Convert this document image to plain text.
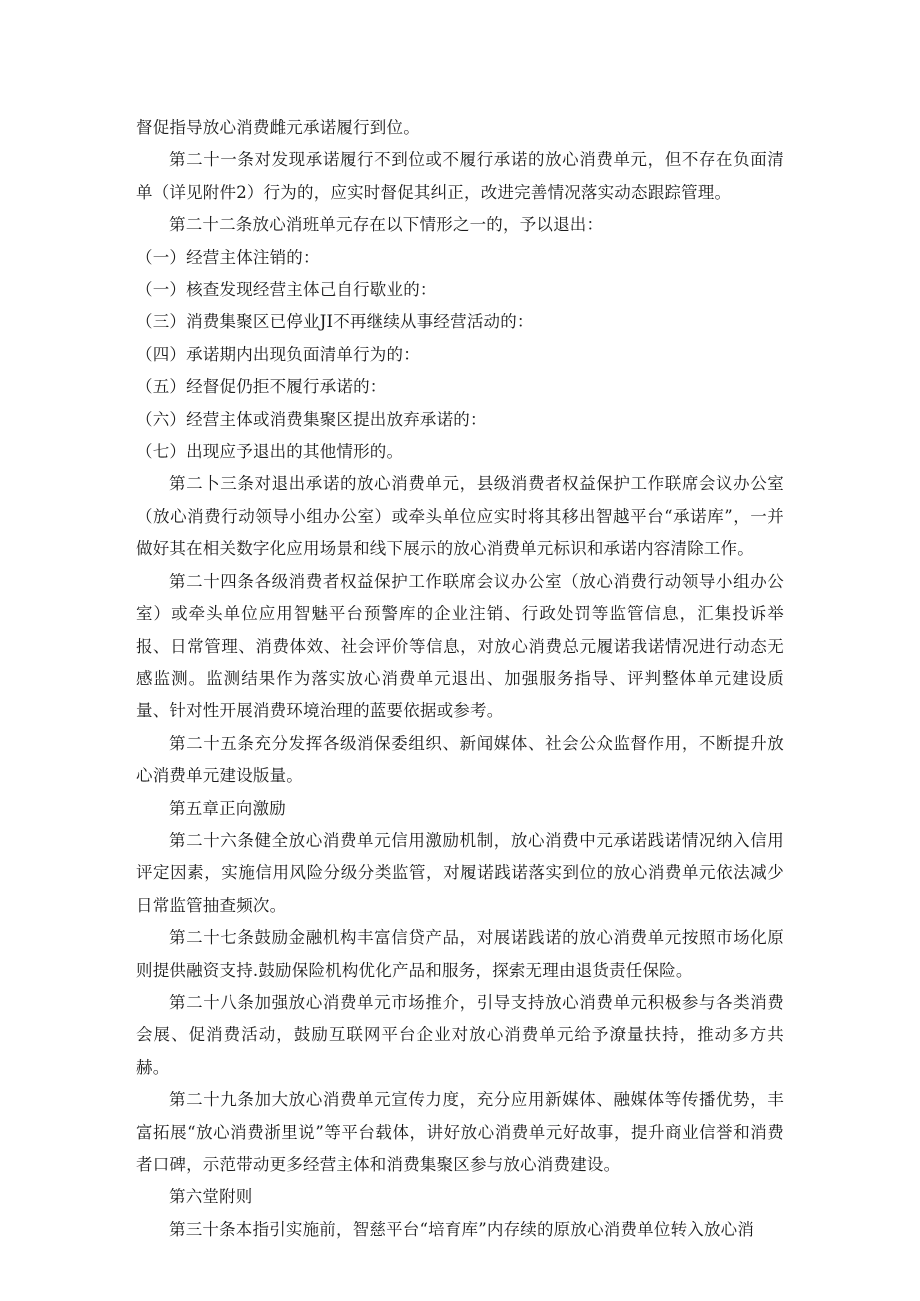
督促指导放心消费雌元承诺履行到位。

第二十一条对发现承诺履行不到位或不履行承诺的放心消费单元，但不存在负面清单（详见附件2）行为的，应实时督促其纠正，改进完善情况落实动态跟踪管理。

第二十二条放心消班单元存在以下情形之一的，予以退出：

（一）经营主体注销的：

（一）核查发现经营主体己自行歇业的：

（三）消费集聚区已停业JI不再继续从事经营活动的：

（四）承诺期内出现负面清单行为的：

（五）经督促仍拒不履行承诺的：

（六）经营主体或消费集聚区提出放弃承诺的：

（七）出现应予退出的其他情形的。

第二卜三条对退出承诺的放心消费单元，县级消费者权益保护工作联席会议办公室（放心消费行动领导小组办公室）或牵头单位应实时将其移出智越平台“承诺库”，一并做好其在相关数字化应用场景和线下展示的放心消费单元标识和承诺内容清除工作。

第二十四条各级消费者权益保护工作联席会议办公室（放心消费行动领导小组办公室）或牵头单位应用智魅平台预警库的企业注销、行政处罚等监管信息，汇集投诉举报、日常管理、消费体效、社会评价等信息，对放心消费总元履诺我诺情况进行动态无感监测。监测结果作为落实放心消费单元退出、加强服务指导、评判整体单元建设质量、针对性开展消费环境治理的蓝要依据或参考。

第二十五条充分发挥各级消保委组织、新闻媒体、社会公众监督作用，不断提升放心消费单元建设版量。

第五章正向激励

第二十六条健全放心消费单元信用激励机制，放心消费中元承诺践诺情况纳入信用评定因素，实施信用风险分级分类监管，对履诺践诺落实到位的放心消费单元依法减少日常监管抽查频次。

第二十七条鼓励金融机构丰富信贷产品，对展诺践诺的放心消费单元按照市场化原则提供融资支持.鼓励保险机构优化产品和服务，探索无理由退货责任保险。

第二十八条加强放心消费单元市场推介，引导支持放心消费单元积极参与各类消费会展、促消费活动，鼓励互联网平台企业对放心消费单元给予潦量扶持，推动多方共赫。

第二十九条加大放心消费单元宣传力度，充分应用新媒体、融媒体等传播优势，丰富拓展“放心消费浙里说”等平台载体，讲好放心消费单元好故事，提升商业信誉和消费者口碑，示范带动更多经营主体和消费集聚区参与放心消费建设。

第六堂附则

第三十条本指引实施前，智慈平台“培育库”内存续的原放心消费单位转入放心消
